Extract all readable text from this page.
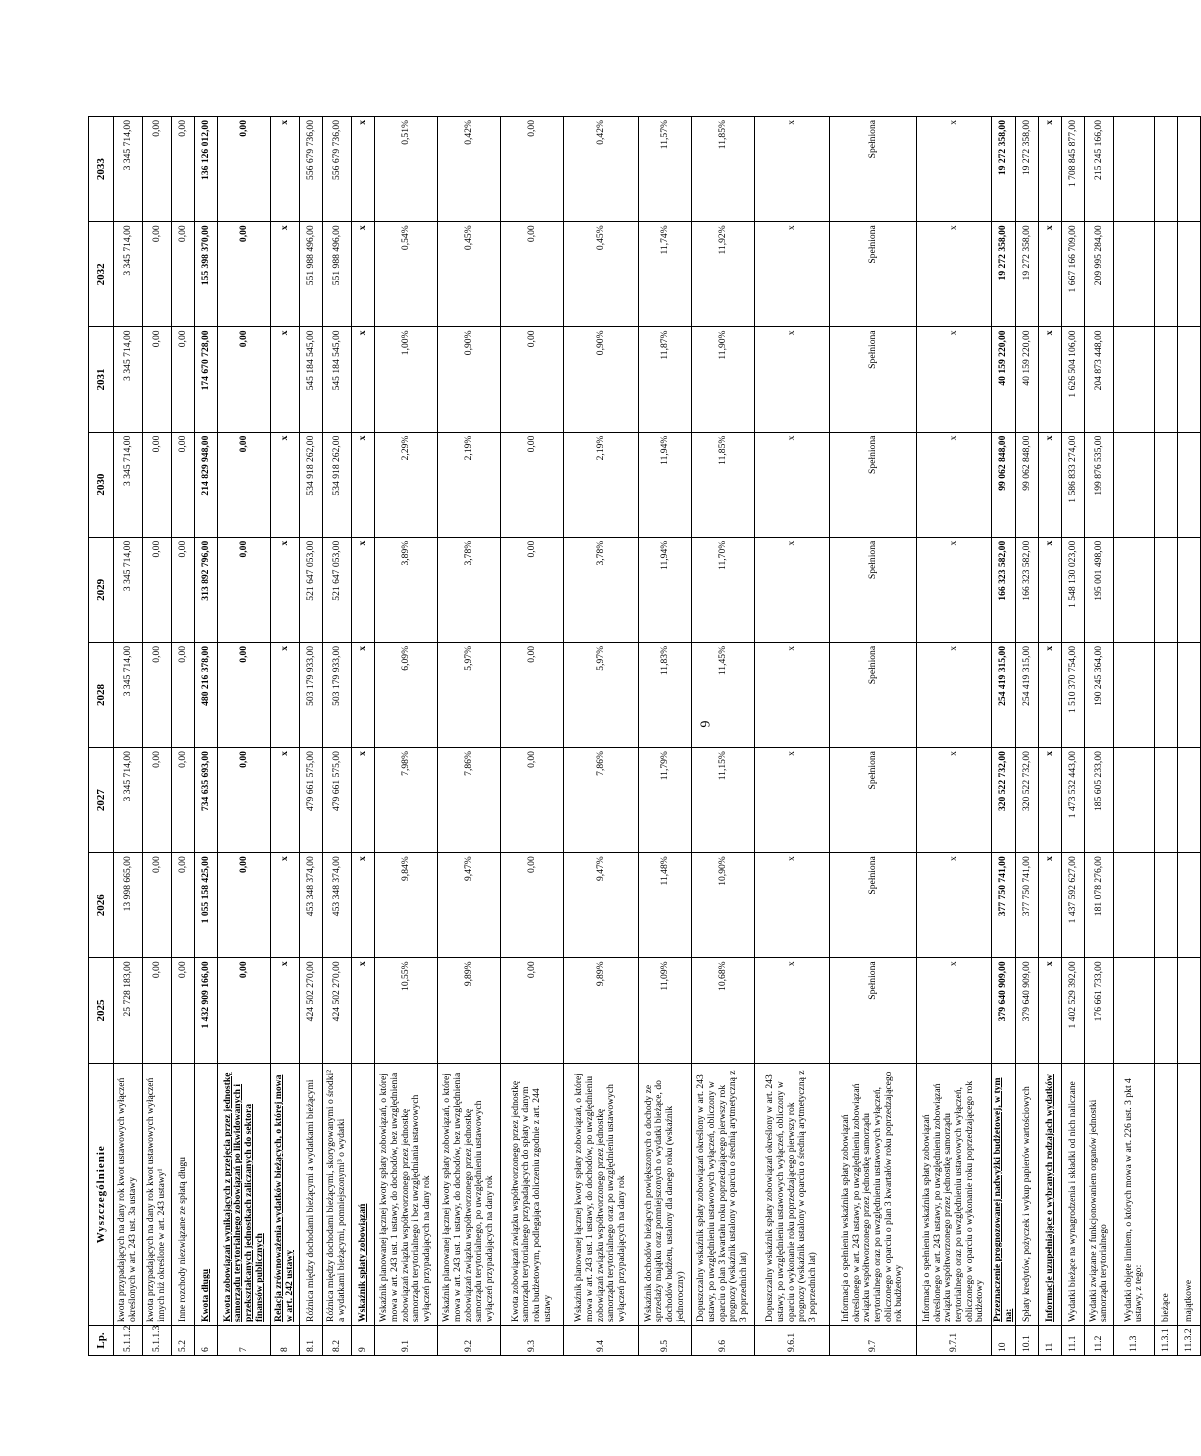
6
Lp.	Wyszczególnienie	2025	2026	2027	2028	2029	2030	2031	2032	2033
5.1.1.2	kwota przypadających na dany rok kwot ustawowych wyłączeń określonych w art. 243 ust. 3a ustawy	25 728 183,00	13 998 665,00	3 345 714,00	3 345 714,00	3 345 714,00	3 345 714,00	3 345 714,00	3 345 714,00	3 345 714,00
5.1.1.3	kwota przypadających na dany rok kwot ustawowych wyłączeń innych niż określone w art. 243 ustawy¹	0,00	0,00	0,00	0,00	0,00	0,00	0,00	0,00	0,00
5.2	Inne rozchody niezwiązane ze spłatą długu	0,00	0,00	0,00	0,00	0,00	0,00	0,00	0,00	0,00
6	Kwota długu	1 432 909 166,00	1 055 158 425,00	734 635 693,00	480 216 378,00	313 892 796,00	214 829 948,00	174 670 728,00	155 398 370,00	136 126 012,00
7	Kwota zobowiązań wynikających z przejęcia przez jednostkę samorządu terytorialnego zobowiązań po likwidowanych i przekształcanych jednostkach zaliczanych do sektora finansów publicznych	0,00	0,00	0,00	0,00	0,00	0,00	0,00	0,00	0,00
8	Relacja zrównoważenia wydatków bieżących, o której mowa w art. 242 ustawy	x	x	x	x	x	x	x	x	x
8.1	Różnica między dochodami bieżącymi a wydatkami bieżącymi	424 502 270,00	453 348 374,00	479 661 575,00	503 179 933,00	521 647 053,00	534 918 262,00	545 184 545,00	551 988 496,00	556 679 736,00
8.2	Różnica między dochodami bieżącymi, skorygowanymi o środki² a wydatkami bieżącymi, pomniejszonymi³ o wydatki	424 502 270,00	453 348 374,00	479 661 575,00	503 179 933,00	521 647 053,00	534 918 262,00	545 184 545,00	551 988 496,00	556 679 736,00
9	Wskaźnik spłaty zobowiązań	x	x	x	x	x	x	x	x	x
9.1	Wskaźnik planowanej łącznej kwoty spłaty zobowiązań, o której mowa w art. 243 ust. 1 ustawy, do dochodów, bez uwzględnienia zobowiązań związku współtworzonego przez jednostkę samorządu terytorialnego i bez uwzględniania ustawowych wyłączeń przypadających na dany rok	10,55%	9,84%	7,98%	6,09%	3,89%	2,29%	1,00%	0,54%	0,51%
9.2	Wskaźnik planowanej łącznej kwoty spłaty zobowiązań, o której mowa w art. 243 ust. 1 ustawy, do dochodów, bez uwzględnienia zobowiązań związku współtworzonego przez jednostkę samorządu terytorialnego, po uwzględnieniu ustawowych wyłączeń przypadających na dany rok	9,89%	9,47%	7,86%	5,97%	3,78%	2,19%	0,90%	0,45%	0,42%
9.3	Kwota zobowiązań związku współtworzonego przez jednostkę samorządu terytorialnego przypadających do spłaty w danym roku budżetowym, podlegająca doliczeniu zgodnie z art. 244 ustawy	0,00	0,00	0,00	0,00	0,00	0,00	0,00	0,00	0,00
9.4	Wskaźnik planowanej łącznej kwoty spłaty zobowiązań, o której mowa w art. 243 ust. 1 ustawy, do dochodów, po uwzględnieniu zobowiązań związku współtworzonego przez jednostkę samorządu terytorialnego oraz po uwzględnieniu ustawowych wyłączeń przypadających na dany rok	9,89%	9,47%	7,86%	5,97%	3,78%	2,19%	0,90%	0,45%	0,42%
9.5	Wskaźnik dochodów bieżących powiększonych o dochody ze sprzedaży majątku oraz pomniejszonych o wydatki bieżące, do dochodów budżetu, ustalony dla danego roku (wskaźnik jednoroczny)	11,09%	11,48%	11,79%	11,83%	11,94%	11,94%	11,87%	11,74%	11,57%
9.6	Dopuszczalny wskaźnik spłaty zobowiązań określony w art. 243 ustawy, po uwzględnieniu ustawowych wyłączeń, obliczony w oparciu o plan 3 kwartału roku poprzedzającego pierwszy rok prognozy (wskaźnik ustalony w oparciu o średnią arytmetyczną z 3 poprzednich lat)	10,68%	10,90%	11,15%	11,45%	11,70%	11,85%	11,90%	11,92%	11,85%
9.6.1	Dopuszczalny wskaźnik spłaty zobowiązań określony w art. 243 ustawy, po uwzględnieniu ustawowych wyłączeń, obliczony w oparciu o wykonanie roku poprzedzającego pierwszy rok prognozy (wskaźnik ustalony w oparciu o średnią arytmetyczną z 3 poprzednich lat)	x	x	x	x	x	x	x	x	x
9.7	Informacja o spełnieniu wskaźnika spłaty zobowiązań określonego w art. 243 ustawy, po uwzględnieniu zobowiązań związku współtworzonego przez jednostkę samorządu terytorialnego oraz po uwzględnieniu ustawowych wyłączeń, obliczonego w oparciu o plan 3 kwartałów roku poprzedzającego rok budżetowy	Spełniona	Spełniona	Spełniona	Spełniona	Spełniona	Spełniona	Spełniona	Spełniona	Spełniona
9.7.1	Informacja o spełnieniu wskaźnika spłaty zobowiązań określonego w art. 243 ustawy, po uwzględnieniu zobowiązań związku współtworzonego przez jednostkę samorządu terytorialnego oraz po uwzględnieniu ustawowych wyłączeń, obliczonego w oparciu o wykonanie roku poprzedzającego rok budżetowy	x	x	x	x	x	x	x	x	x
10	Przeznaczenie prognozowanej nadwyżki budżetowej, w tym na:	379 640 909,00	377 750 741,00	320 522 732,00	254 419 315,00	166 323 582,00	99 062 848,00	40 159 220,00	19 272 358,00	19 272 358,00
10.1	Spłaty kredytów, pożyczek i wykup papierów wartościowych	379 640 909,00	377 750 741,00	320 522 732,00	254 419 315,00	166 323 582,00	99 062 848,00	40 159 220,00	19 272 358,00	19 272 358,00
11	Informacje uzupełniające o wybranych rodzajach wydatków	x	x	x	x	x	x	x	x	x
11.1	Wydatki bieżące na wynagrodzenia i składki od nich naliczane	1 402 529 392,00	1 437 592 627,00	1 473 532 443,00	1 510 370 754,00	1 548 130 023,00	1 586 833 274,00	1 626 504 106,00	1 667 166 709,00	1 708 845 877,00
11.2	Wydatki związane z funkcjonowaniem organów jednostki samorządu terytorialnego	176 661 733,00	181 078 276,00	185 605 233,00	190 245 364,00	195 001 498,00	199 876 535,00	204 873 448,00	209 995 284,00	215 245 166,00
11.3	Wydatki objęte limitem, o których mowa w art. 226 ust. 3 pkt 4 ustawy, z tego:									
11.3.1	bieżące									
11.3.2	majątkowe									
